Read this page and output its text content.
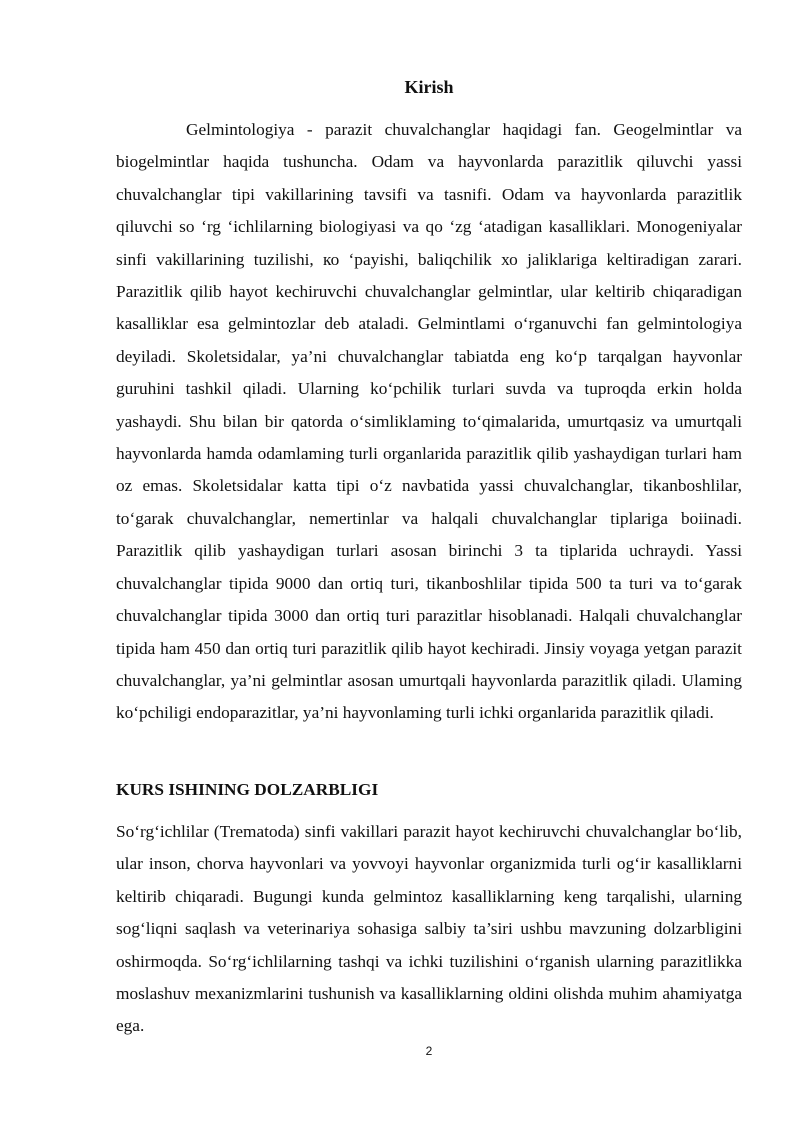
Kirish

Gelmintologiya - parazit chuvalchanglar haqidagi fan. Geogelmintlar va biogelmintlar haqida tushuncha. Odam va hayvonlarda parazitlik qiluvchi yassi chuvalchanglar tipi vakillarining tavsifi va tasnifi. Odam va hayvonlarda parazitlik qiluvchi so ‘rg ‘ichlilarning biologiyasi va qo ‘zg ‘atadigan kasalliklari. Monogeniyalar sinfi vakillarining tuzilishi, ко ‘payishi, baliqchilik хо jaliklariga keltiradigan zarari. Parazitlik qilib hayot kechiruvchi chuvalchanglar gelmintlar, ular keltirib chiqaradigan kasalliklar esa gelmintozlar deb ataladi. Gelmintlami o‘rganuvchi fan gelmintologiya deyiladi. Skoletsidalar, ya’ni chuvalchanglar tabiatda eng ko‘p tarqalgan hayvonlar guruhini tashkil qiladi. Ularning ko‘pchilik turlari suvda va tuproqda erkin holda yashaydi. Shu bilan bir qatorda o‘simliklaming to‘qimalarida, umurtqasiz va umurtqali hayvonlarda hamda odamlaming turli organlarida parazitlik qilib yashaydigan turlari ham oz emas. Skoletsidalar katta tipi o‘z navbatida yassi chuvalchanglar, tikanboshlilar, to‘garak chuvalchanglar, nemertinlar va halqali chuvalchanglar tiplariga boiinadi. Parazitlik qilib yashaydigan turlari asosan birinchi 3 ta tiplarida uchraydi. Yassi chuvalchanglar tipida 9000 dan ortiq turi, tikanboshlilar tipida 500 ta turi va to‘garak chuvalchanglar tipida 3000 dan ortiq turi parazitlar hisoblanadi. Halqali chuvalchanglar tipida ham 450 dan ortiq turi parazitlik qilib hayot kechiradi. Jinsiy voyaga yetgan parazit chuvalchanglar, ya’ni gelmintlar asosan umurtqali hayvonlarda parazitlik qiladi. Ulaming ko‘pchiligi endoparazitlar, ya’ni hayvonlaming turli ichki organlarida parazitlik qiladi.

KURS ISHINING DOLZARBLIGI

So‘rg‘ichlilar (Trematoda) sinfi vakillari parazit hayot kechiruvchi chuvalchanglar bo‘lib, ular inson, chorva hayvonlari va yovvoyi hayvonlar organizmida turli og‘ir kasalliklarni keltirib chiqaradi. Bugungi kunda gelmintoz kasalliklarning keng tarqalishi, ularning sog‘liqni saqlash va veterinariya sohasiga salbiy ta’siri ushbu mavzuning dolzarbligini oshirmoqda. So‘rg‘ichlilarning tashqi va ichki tuzilishini o‘rganish ularning parazitlikka moslashuv mexanizmlarini tushunish va kasalliklarning oldini olishda muhim ahamiyatga ega.

2
